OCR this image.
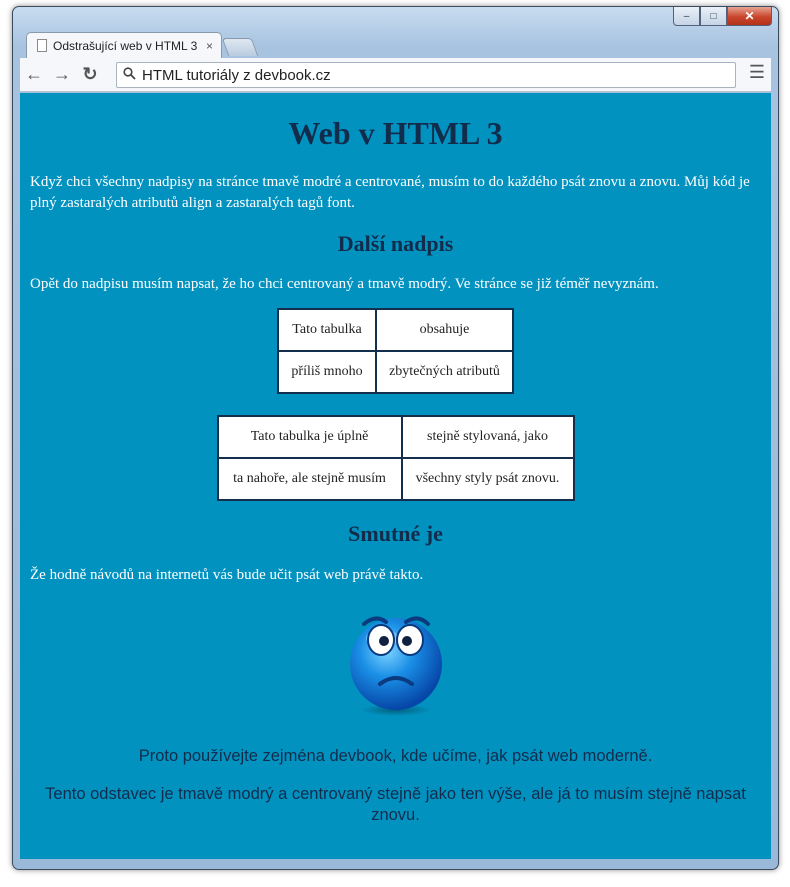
–	□	✕
Odstrašující web v HTML 3 ×
← → ↻	HTML tutoriály z devbook.cz	☰
Web v HTML 3

Když chci všechny nadpisy na stránce tmavě modré a centrované, musím to do každého psát znovu a znovu. Můj kód je plný zastaralých atributů align a zastaralých tagů font.

Další nadpis

Opět do nadpisu musím napsat, že ho chci centrovaný a tmavě modrý. Ve stránce se již téměř nevyznám.

Tato tabulka	obsahuje
příliš mnoho	zbytečných atributů
Tato tabulka je úplně	stejně stylovaná, jako
ta nahoře, ale stejně musím	všechny styly psát znovu.
Smutné je

Že hodně návodů na internetů vás bude učit psát web právě takto.

Proto používejte zejména devbook, kde učíme, jak psát web moderně.

Tento odstavec je tmavě modrý a centrovaný stejně jako ten výše, ale já to musím stejně napsat znovu.
